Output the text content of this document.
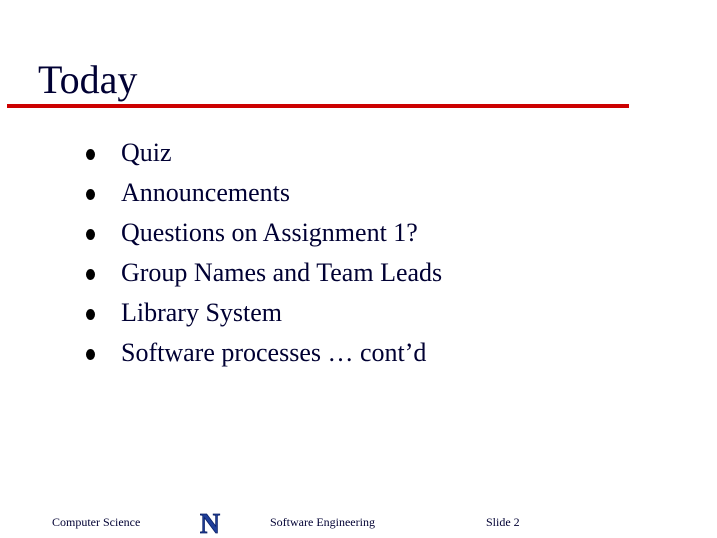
Today
Quiz
Announcements
Questions on Assignment 1?
Group Names and Team Leads
Library System
Software processes … cont’d
Computer Science N	Software Engineering	Slide 2
